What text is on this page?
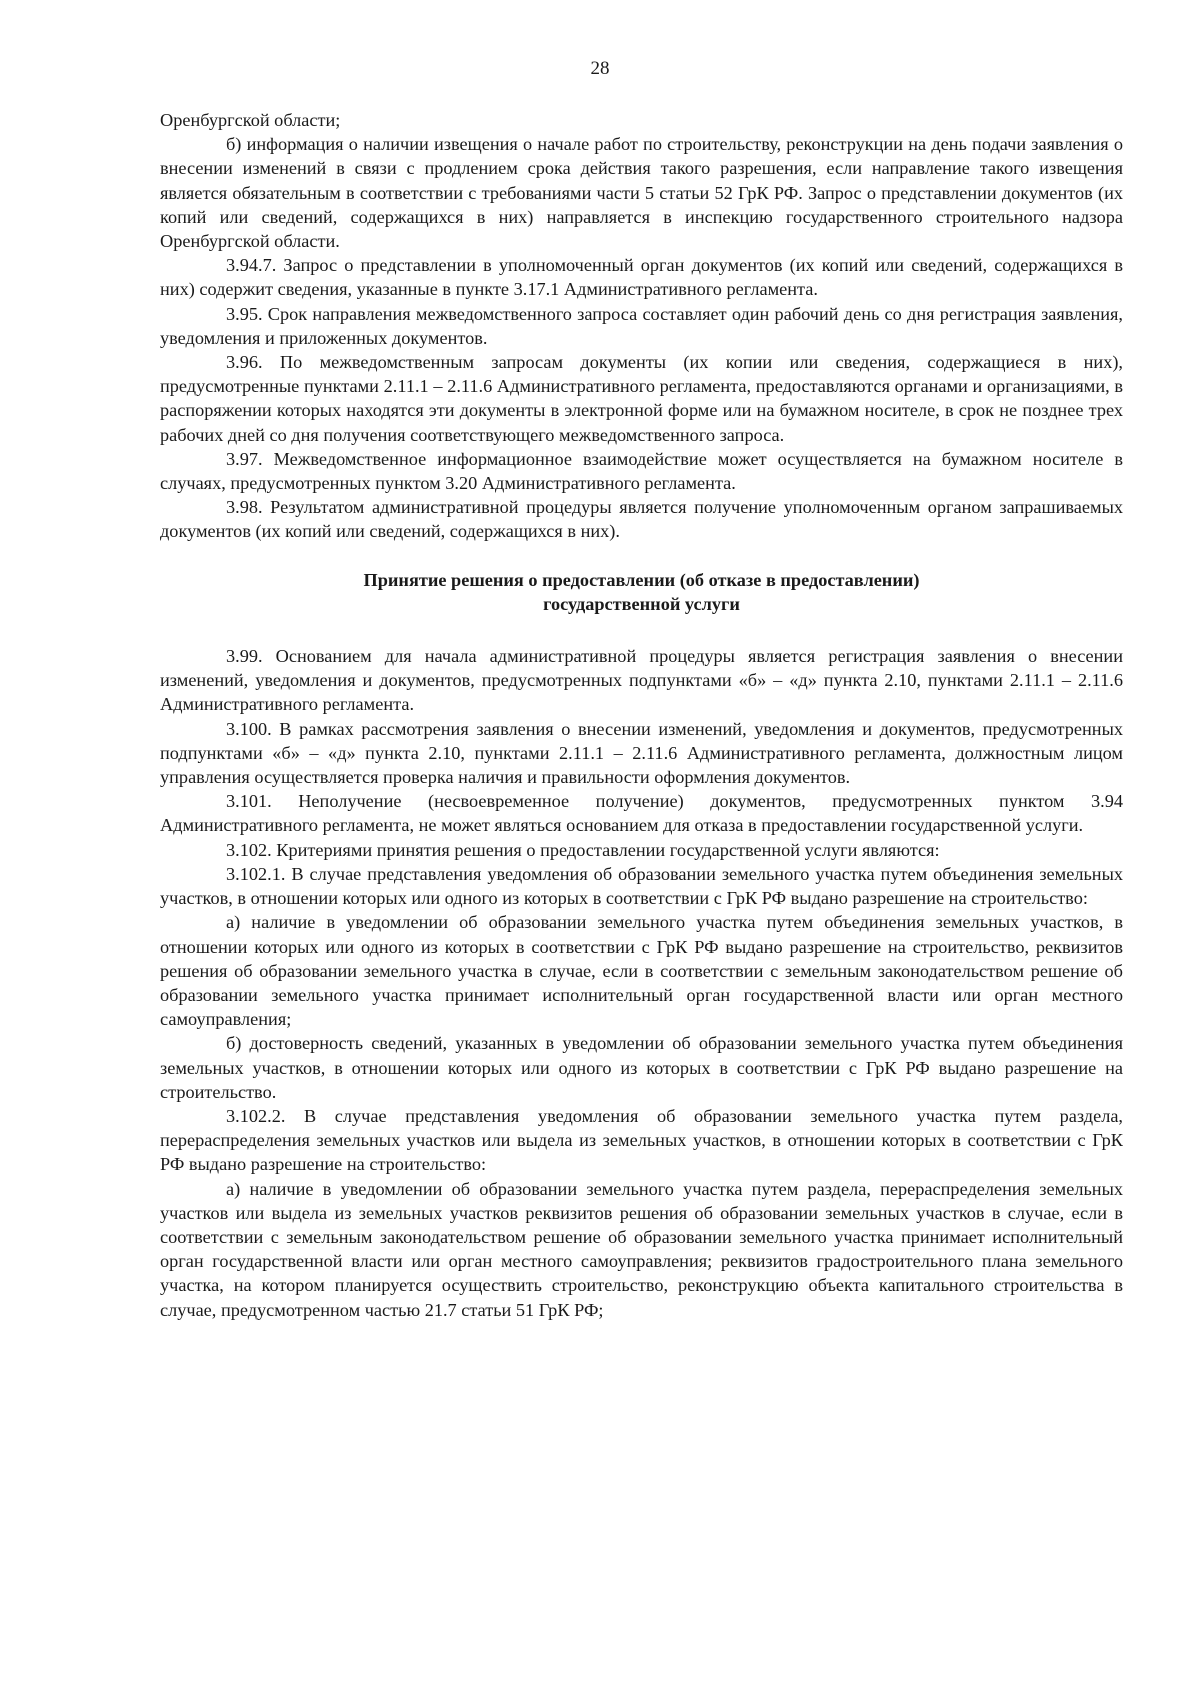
28

Оренбургской области;

б) информация о наличии извещения о начале работ по строительству, реконструкции на день подачи заявления о внесении изменений в связи с продлением срока действия такого разрешения, если направление такого извещения является обязательным в соответствии с требованиями части 5 статьи 52 ГрК РФ. Запрос о представлении документов (их копий или сведений, содержащихся в них) направляется в инспекцию государственного строительного надзора Оренбургской области.

3.94.7. Запрос о представлении в уполномоченный орган документов (их копий или сведений, содержащихся в них) содержит сведения, указанные в пункте 3.17.1 Административного регламента.

3.95. Срок направления межведомственного запроса составляет один рабочий день со дня регистрация заявления, уведомления и приложенных документов.

3.96. По межведомственным запросам документы (их копии или сведения, содержащиеся в них), предусмотренные пунктами 2.11.1 – 2.11.6 Административного регламента, предоставляются органами и организациями, в распоряжении которых находятся эти документы в электронной форме или на бумажном носителе, в срок не позднее трех рабочих дней со дня получения соответствующего межведомственного запроса.

3.97. Межведомственное информационное взаимодействие может осуществляется на бумажном носителе в случаях, предусмотренных пунктом 3.20 Административного регламента.

3.98. Результатом административной процедуры является получение уполномоченным органом запрашиваемых документов (их копий или сведений, содержащихся в них).

Принятие решения о предоставлении (об отказе в предоставлении)
государственной услуги

3.99. Основанием для начала административной процедуры является регистрация заявления о внесении изменений, уведомления и документов, предусмотренных подпунктами «б» – «д» пункта 2.10, пунктами 2.11.1 – 2.11.6 Административного регламента.

3.100. В рамках рассмотрения заявления о внесении изменений, уведомления и документов, предусмотренных подпунктами «б» – «д» пункта 2.10, пунктами 2.11.1 – 2.11.6 Административного регламента, должностным лицом управления осуществляется проверка наличия и правильности оформления документов.

3.101. Неполучение (несвоевременное получение) документов, предусмотренных пунктом 3.94 Административного регламента, не может являться основанием для отказа в предоставлении государственной услуги.

3.102. Критериями принятия решения о предоставлении государственной услуги являются:

3.102.1. В случае представления уведомления об образовании земельного участка путем объединения земельных участков, в отношении которых или одного из которых в соответствии с ГрК РФ выдано разрешение на строительство:

а) наличие в уведомлении об образовании земельного участка путем объединения земельных участков, в отношении которых или одного из которых в соответствии с ГрК РФ выдано разрешение на строительство, реквизитов решения об образовании земельного участка в случае, если в соответствии с земельным законодательством решение об образовании земельного участка принимает исполнительный орган государственной власти или орган местного самоуправления;

б) достоверность сведений, указанных в уведомлении об образовании земельного участка путем объединения земельных участков, в отношении которых или одного из которых в соответствии с ГрК РФ выдано разрешение на строительство.

3.102.2. В случае представления уведомления об образовании земельного участка путем раздела, перераспределения земельных участков или выдела из земельных участков, в отношении которых в соответствии с ГрК РФ выдано разрешение на строительство:

а) наличие в уведомлении об образовании земельного участка путем раздела, перераспределения земельных участков или выдела из земельных участков реквизитов решения об образовании земельных участков в случае, если в соответствии с земельным законодательством решение об образовании земельного участка принимает исполнительный орган государственной власти или орган местного самоуправления; реквизитов градостроительного плана земельного участка, на котором планируется осуществить строительство, реконструкцию объекта капитального строительства в случае, предусмотренном частью 21.7 статьи 51 ГрК РФ;
